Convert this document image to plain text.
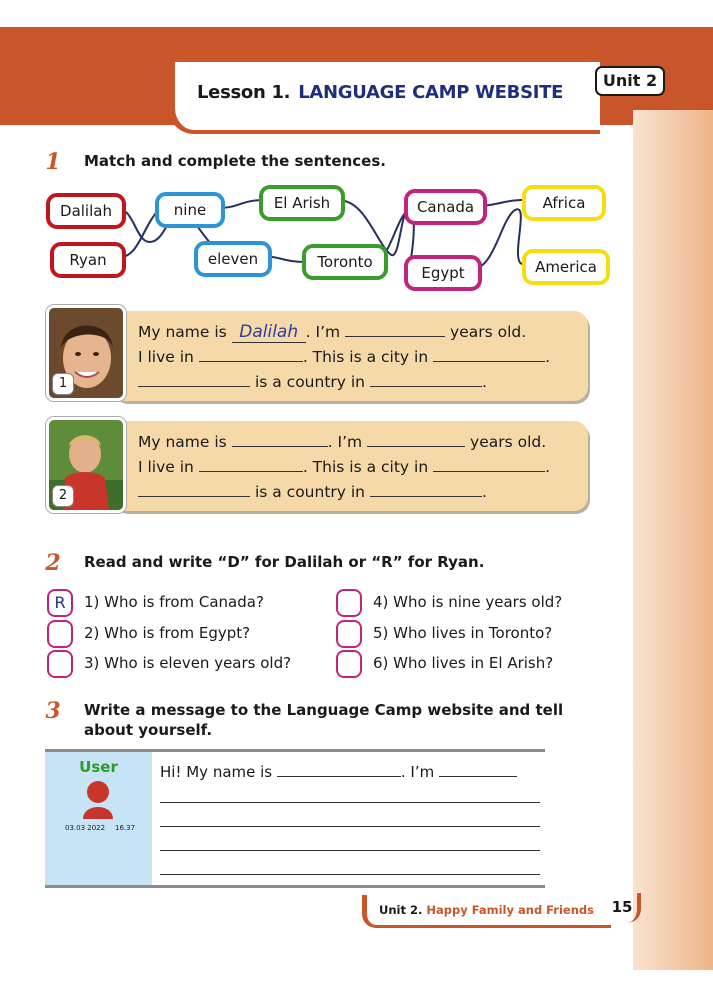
Lesson 1. LANGUAGE CAMP WEBSITE
Unit 2
1	Match and complete the sentences.
Dalilah
Ryan
nine
eleven
El Arish
Toronto
Canada
Egypt
Africa
America
My name is Dalilah . I’m	years old.
I live in	. This is a city in	.
is a country in	.
1
My name is	. I’m	years old.
I live in	. This is a city in	.
is a country in	.
2
2	Read and write “D” for Dalilah or “R” for Ryan.
R	1) Who is from Canada?
2) Who is from Egypt?
3) Who is eleven years old?
4) Who is nine years old?
5) Who lives in Toronto?
6) Who lives in El Arish?
3	Write a message to the Language Camp website and tell
about yourself.
User
03.03 2022 16.37
Hi! My name is	. I’m
Unit 2. Happy Family and Friends	15
